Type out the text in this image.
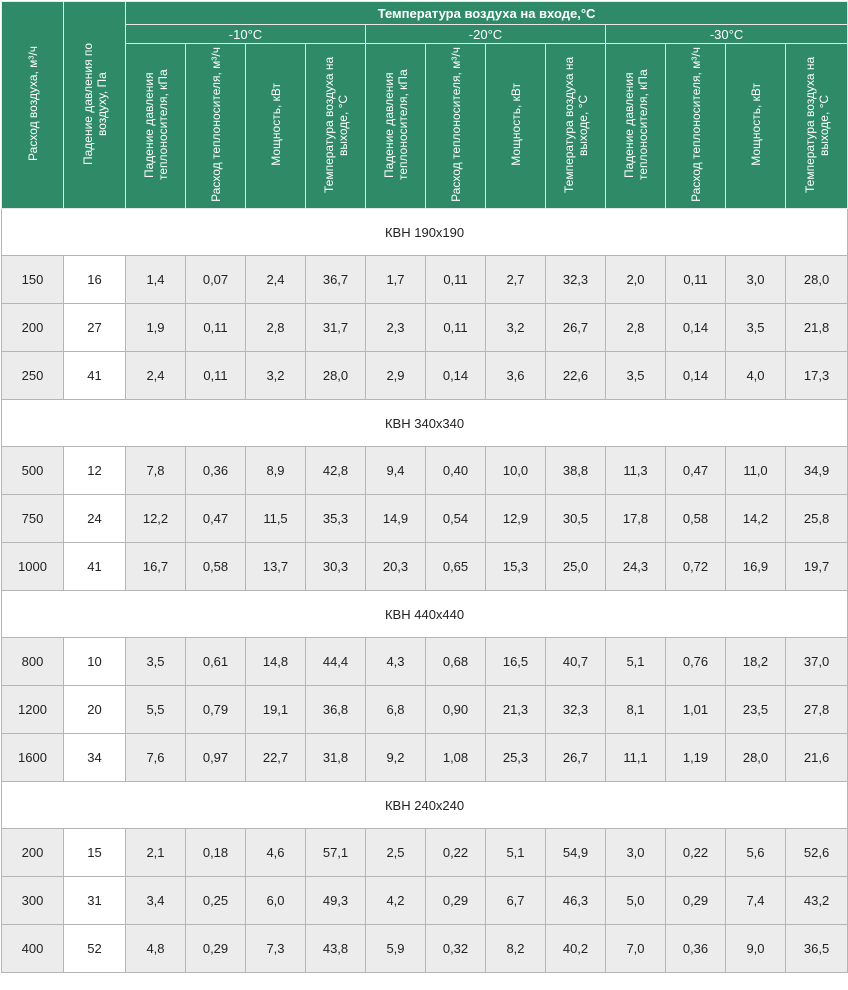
Расход воздуха, м³/ч	Падение давления по воздуху, Па	Температура воздуха на входе,°С											
		-10°С				-20°С				-30°С			
		Падение давления теплоносителя, кПа	Расход теплоносителя, м³/ч	Мощность, кВт	Температура воздуха на выходе, °С	Падение давления теплоносителя, кПа	Расход теплоносителя, м³/ч	Мощность, кВт	Температура воздуха на выходе, °С	Падение давления теплоносителя, кПа	Расход теплоносителя, м³/ч	Мощность, кВт	Температура воздуха на выходе, °С
КВН 190х190													
150	16	1,4	0,07	2,4	36,7	1,7	0,11	2,7	32,3	2,0	0,11	3,0	28,0
200	27	1,9	0,11	2,8	31,7	2,3	0,11	3,2	26,7	2,8	0,14	3,5	21,8
250	41	2,4	0,11	3,2	28,0	2,9	0,14	3,6	22,6	3,5	0,14	4,0	17,3
КВН 340х340													
500	12	7,8	0,36	8,9	42,8	9,4	0,40	10,0	38,8	11,3	0,47	11,0	34,9
750	24	12,2	0,47	11,5	35,3	14,9	0,54	12,9	30,5	17,8	0,58	14,2	25,8
1000	41	16,7	0,58	13,7	30,3	20,3	0,65	15,3	25,0	24,3	0,72	16,9	19,7
КВН 440х440													
800	10	3,5	0,61	14,8	44,4	4,3	0,68	16,5	40,7	5,1	0,76	18,2	37,0
1200	20	5,5	0,79	19,1	36,8	6,8	0,90	21,3	32,3	8,1	1,01	23,5	27,8
1600	34	7,6	0,97	22,7	31,8	9,2	1,08	25,3	26,7	11,1	1,19	28,0	21,6
КВН 240х240													
200	15	2,1	0,18	4,6	57,1	2,5	0,22	5,1	54,9	3,0	0,22	5,6	52,6
300	31	3,4	0,25	6,0	49,3	4,2	0,29	6,7	46,3	5,0	0,29	7,4	43,2
400	52	4,8	0,29	7,3	43,8	5,9	0,32	8,2	40,2	7,0	0,36	9,0	36,5
